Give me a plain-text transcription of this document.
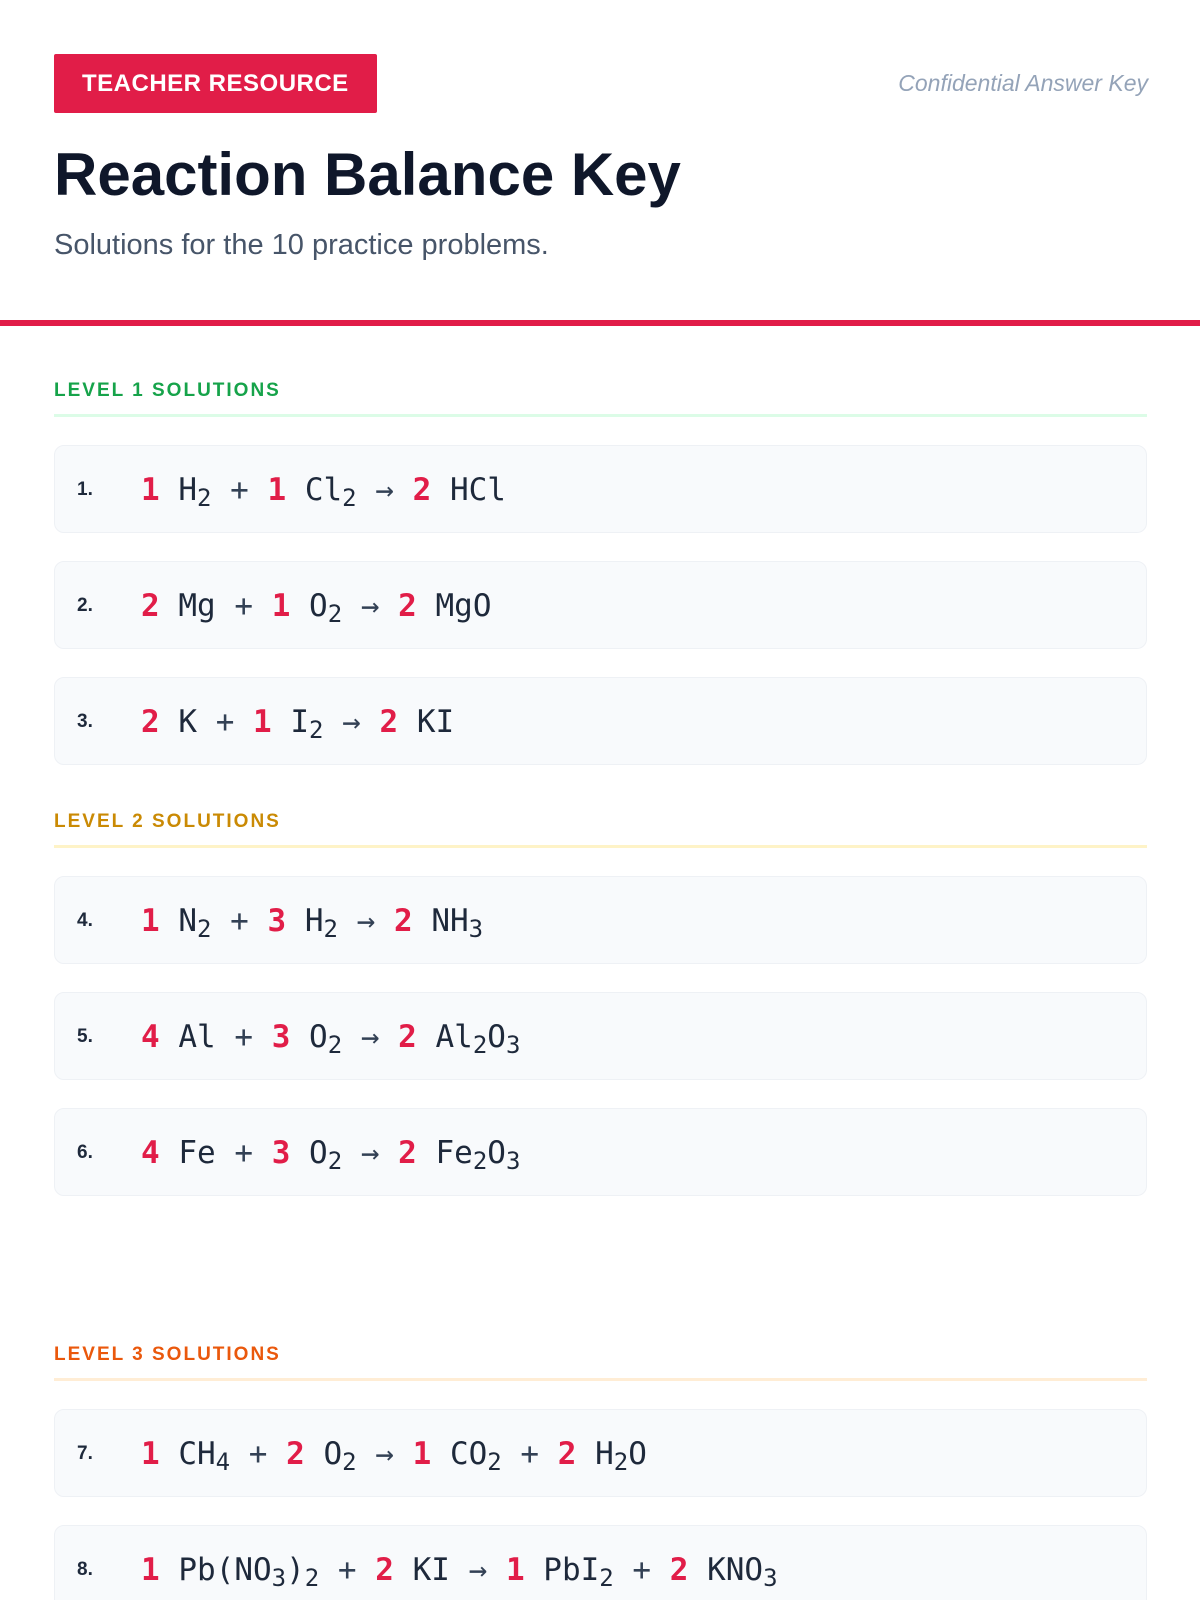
TEACHER RESOURCE	Confidential Answer Key
Reaction Balance Key
Solutions for the 10 practice problems.
LEVEL 1 SOLUTIONS
1. 1 $H_2 + 1$ $Cl_2 \to 2$ HCl
2. 2 Mg + 1 $O_2 \to 2$ MgO
3. 2 K + 1 $I_2 \to 2$ KI
LEVEL 2 SOLUTIONS
4. 1 $N_2 + 3$ $H_2 \to 2$ $NH_3$
5. 4 Al + 3 $O_2 \to 2$ $Al_2O_3$
6. 4 Fe + 3 $O_2 \to 2$ $Fe_2O_3$
LEVEL 3 SOLUTIONS
7. 1 $CH_4 + 2$ $O_2 \to 1$ $CO_2 + 2$ $H_2O$
8. 1 $Pb(NO_3)_2 + 2$ KI → 1 PbI$_2$ + 2 $KNO_3$
